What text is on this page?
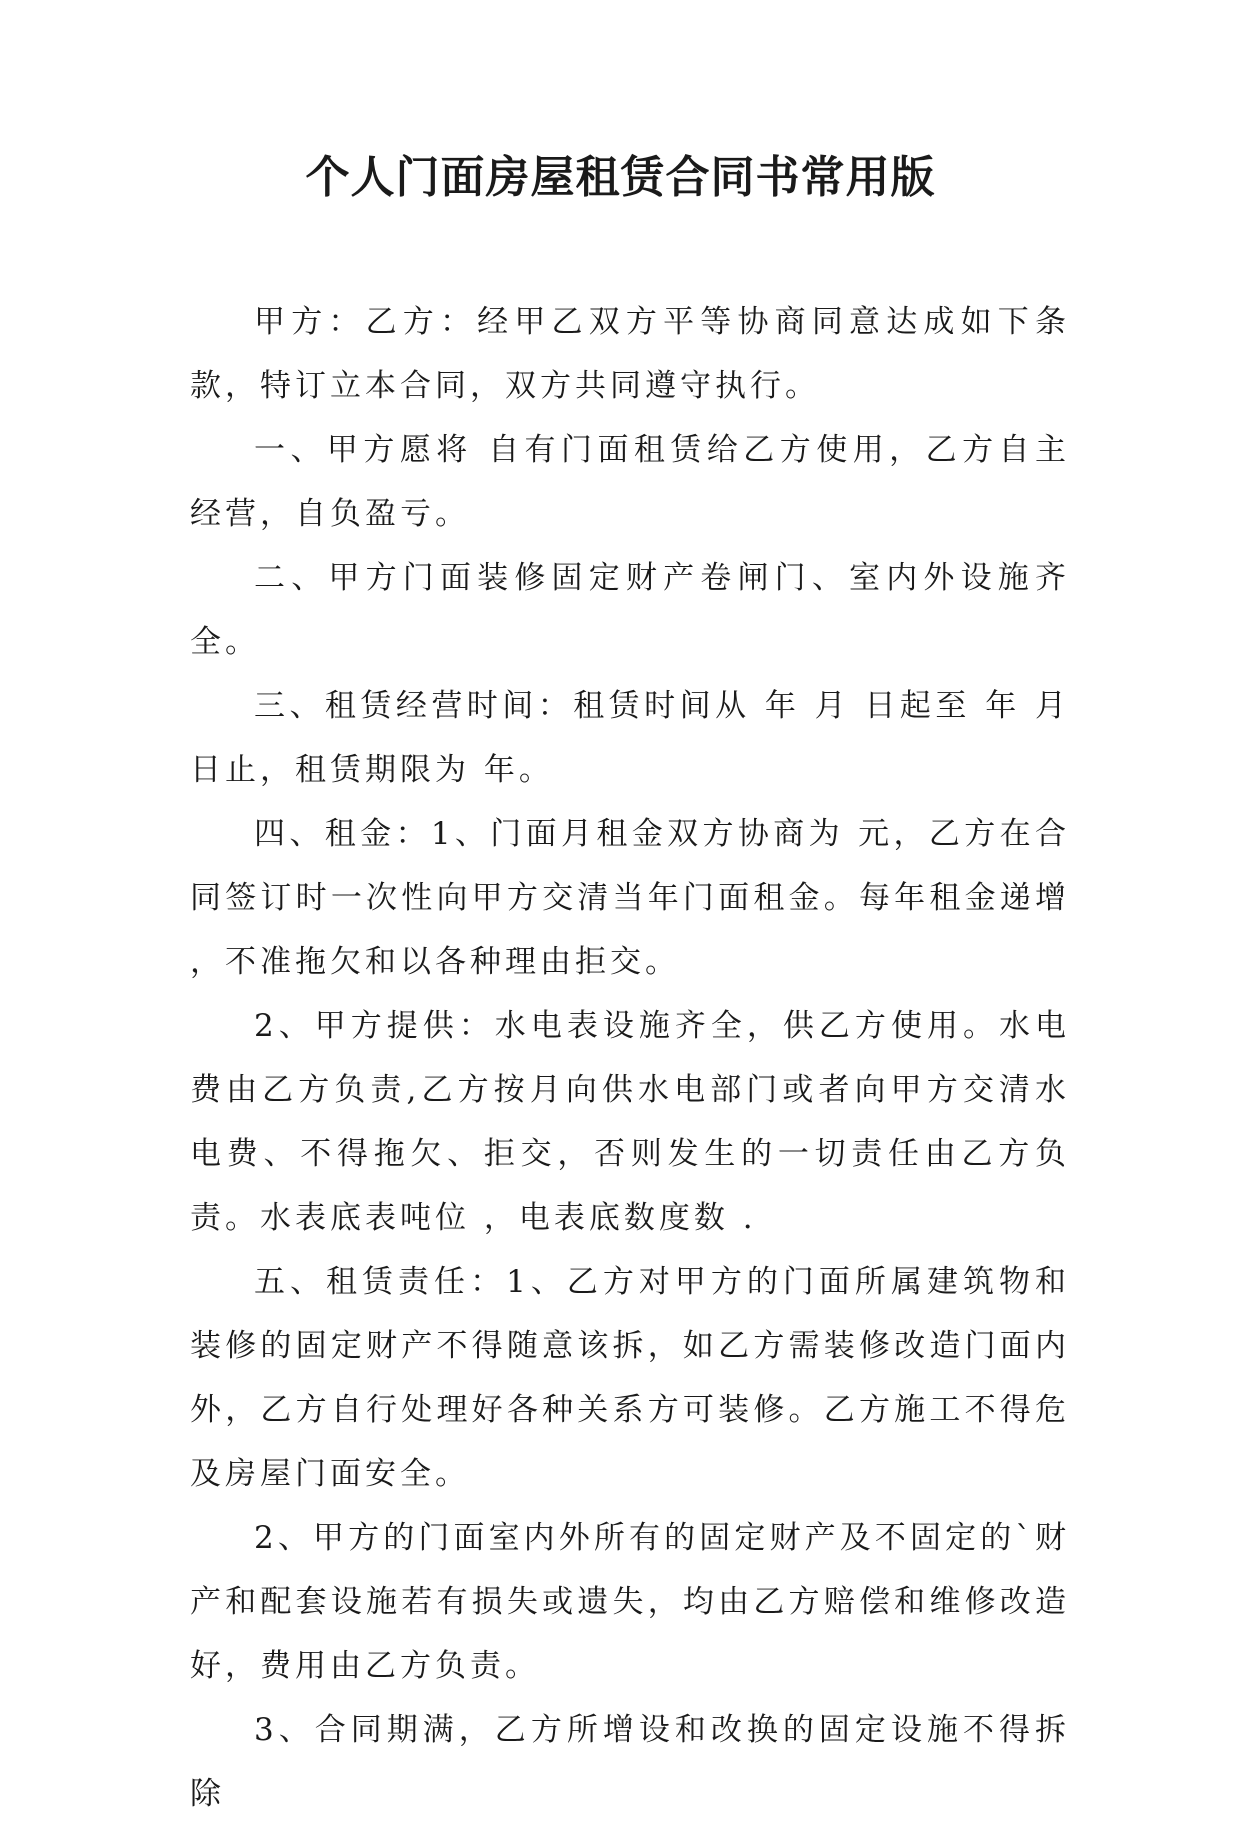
个人门面房屋租赁合同书常用版

甲方：乙方：经甲乙双方平等协商同意达成如下条款，特订立本合同，双方共同遵守执行。

一、甲方愿将 自有门面租赁给乙方使用，乙方自主经营，自负盈亏。

二、甲方门面装修固定财产卷闸门、室内外设施齐全。

三、租赁经营时间：租赁时间从 年 月 日起至 年 月 日止，租赁期限为 年。

四、租金：1、门面月租金双方协商为 元，乙方在合同签订时一次性向甲方交清当年门面租金。每年租金递增 ，不准拖欠和以各种理由拒交。

2、甲方提供：水电表设施齐全，供乙方使用。水电费由乙方负责,乙方按月向供水电部门或者向甲方交清水电费、不得拖欠、拒交，否则发生的一切责任由乙方负责。水表底表吨位 ，电表底数度数 .

五、租赁责任：1、乙方对甲方的门面所属建筑物和装修的固定财产不得随意该拆，如乙方需装修改造门面内外，乙方自行处理好各种关系方可装修。乙方施工不得危及房屋门面安全。

2、甲方的门面室内外所有的固定财产及不固定的`财产和配套设施若有损失或遗失，均由乙方赔偿和维修改造好，费用由乙方负责。

3、合同期满，乙方所增设和改换的固定设施不得拆除
